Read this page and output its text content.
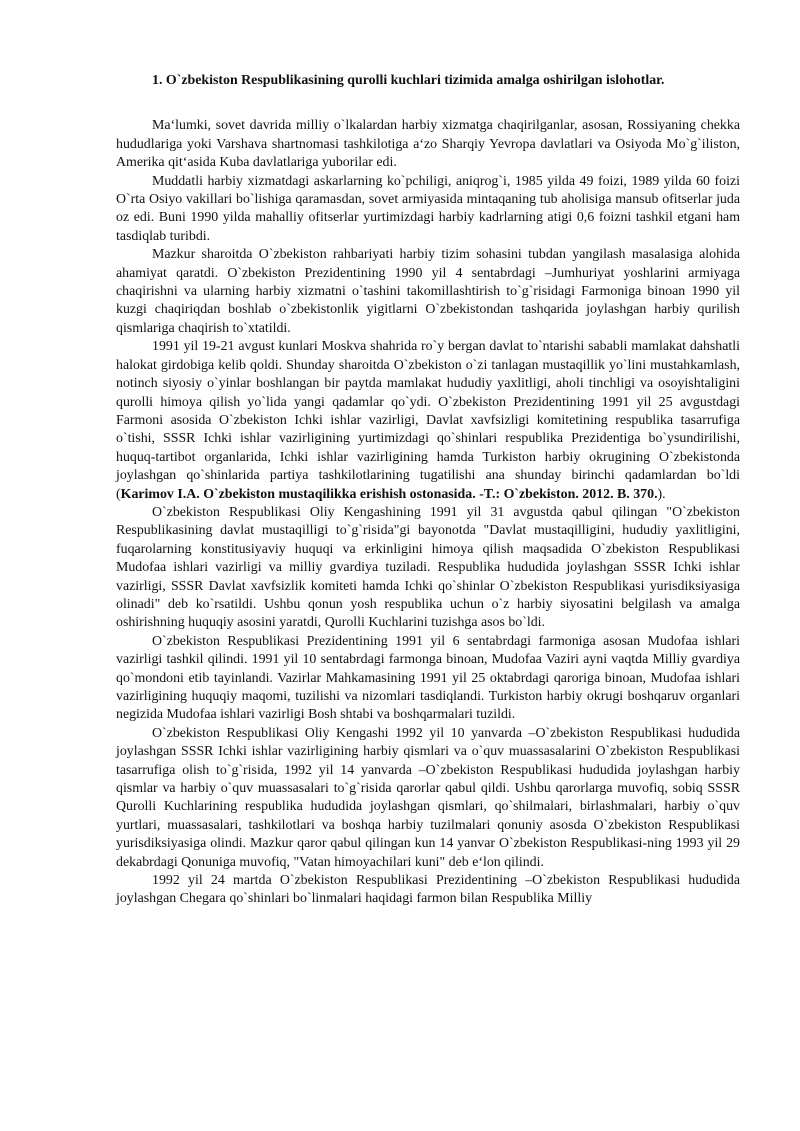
1. O`zbekiston Respublikasining qurolli kuchlari tizimida amalga oshirilgan islohotlar.

Ma‘lumki, sovet davrida milliy o`lkalardan harbiy xizmatga chaqirilganlar, asosan, Rossiyaning chekka hududlariga yoki Varshava shartnomasi tashkilotiga a‘zo Sharqiy Yevropa davlatlari va Osiyoda Mo`g`iliston, Amerika qit‘asida Kuba davlatlariga yuborilar edi.

Muddatli harbiy xizmatdagi askarlarning ko`pchiligi, aniqrog`i, 1985 yilda 49 foizi, 1989 yilda 60 foizi O`rta Osiyo vakillari bo`lishiga qaramasdan, sovet armiyasida mintaqaning tub aholisiga mansub ofitserlar juda oz edi. Buni 1990 yilda mahalliy ofitserlar yurtimizdagi harbiy kadrlarning atigi 0,6 foizni tashkil etgani ham tasdiqlab turibdi.

Mazkur sharoitda O`zbekiston rahbariyati harbiy tizim sohasini tubdan yangilash masalasiga alohida ahamiyat qaratdi. O`zbekiston Prezidentining 1990 yil 4 sentabrdagi –Jumhuriyat yoshlarini armiyaga chaqirishni va ularning harbiy xizmatni o`tashini takomillashtirish to`g`risidagi Farmoniga binoan 1990 yil kuzgi chaqiriqdan boshlab o`zbekistonlik yigitlarni O`zbekistondan tashqarida joylashgan harbiy qurilish qismlariga chaqirish to`xtatildi.

1991 yil 19-21 avgust kunlari Moskva shahrida ro`y bergan davlat to`ntarishi sababli mamlakat dahshatli halokat girdobiga kelib qoldi. Shunday sharoitda O`zbekiston o`zi tanlagan mustaqillik yo`lini mustahkamlash, notinch siyosiy o`yinlar boshlangan bir paytda mamlakat hududiy yaxlitligi, aholi tinchligi va osoyishtaligini qurolli himoya qilish yo`lida yangi qadamlar qo`ydi. O`zbekiston Prezidentining 1991 yil 25 avgustdagi Farmoni asosida O`zbekiston Ichki ishlar vazirligi, Davlat xavfsizligi komitetining respublika tasarrufiga o`tishi, SSSR Ichki ishlar vazirligining yurtimizdagi qo`shinlari respublika Prezidentiga bo`ysundirilishi, huquq-tartibot organlarida, Ichki ishlar vazirligining hamda Turkiston harbiy okrugining O`zbekistonda joylashgan qo`shinlarida partiya tashkilotlarining tugatilishi ana shunday birinchi qadamlardan bo`ldi (Karimov I.A. O`zbekiston mustaqilikka erishish ostonasida. -T.: O`zbekiston. 2012. B. 370.).

O`zbekiston Respublikasi Oliy Kengashining 1991 yil 31 avgustda qabul qilingan "O`zbekiston Respublikasining davlat mustaqilligi to`g`risida"gi bayonotda "Davlat mustaqilligini, hududiy yaxlitligini, fuqarolarning konstitusiyaviy huquqi va erkinligini himoya qilish maqsadida O`zbekiston Respublikasi Mudofaa ishlari vazirligi va milliy gvardiya tuziladi. Respublika hududida joylashgan SSSR Ichki ishlar vazirligi, SSSR Davlat xavfsizlik komiteti hamda Ichki qo`shinlar O`zbekiston Respublikasi yurisdiksiyasiga olinadi" deb ko`rsatildi. Ushbu qonun yosh respublika uchun o`z harbiy siyosatini belgilash va amalga oshirishning huquqiy asosini yaratdi, Qurolli Kuchlarini tuzishga asos bo`ldi.

O`zbekiston Respublikasi Prezidentining 1991 yil 6 sentabrdagi farmoniga asosan Mudofaa ishlari vazirligi tashkil qilindi. 1991 yil 10 sentabrdagi farmonga binoan, Mudofaa Vaziri ayni vaqtda Milliy gvardiya qo`mondoni etib tayinlandi. Vazirlar Mahkamasining 1991 yil 25 oktabrdagi qaroriga binoan, Mudofaa ishlari vazirligining huquqiy maqomi, tuzilishi va nizomlari tasdiqlandi. Turkiston harbiy okrugi boshqaruv organlari negizida Mudofaa ishlari vazirligi Bosh shtabi va boshqarmalari tuzildi.

O`zbekiston Respublikasi Oliy Kengashi 1992 yil 10 yanvarda –O`zbekiston Respublikasi hududida joylashgan SSSR Ichki ishlar vazirligining harbiy qismlari va o`quv muassasalarini O`zbekiston Respublikasi tasarrufiga olish to`g`risida, 1992 yil 14 yanvarda –O`zbekiston Respublikasi hududida joylashgan harbiy qismlar va harbiy o`quv muassasalari to`g`risida qarorlar qabul qildi. Ushbu qarorlarga muvofiq, sobiq SSSR Qurolli Kuchlarining respublika hududida joylashgan qismlari, qo`shilmalari, birlashmalari, harbiy o`quv yurtlari, muassasalari, tashkilotlari va boshqa harbiy tuzilmalari qonuniy asosda O`zbekiston Respublikasi yurisdiksiyasiga olindi. Mazkur qaror qabul qilingan kun 14 yanvar O`zbekiston Respublikasi-ning 1993 yil 29 dekabrdagi Qonuniga muvofiq, "Vatan himoyachilari kuni" deb e‘lon qilindi.

1992 yil 24 martda O`zbekiston Respublikasi Prezidentining –O`zbekiston Respublikasi hududida joylashgan Chegara qo`shinlari bo`linmalari haqidagi farmon bilan Respublika Milliy
